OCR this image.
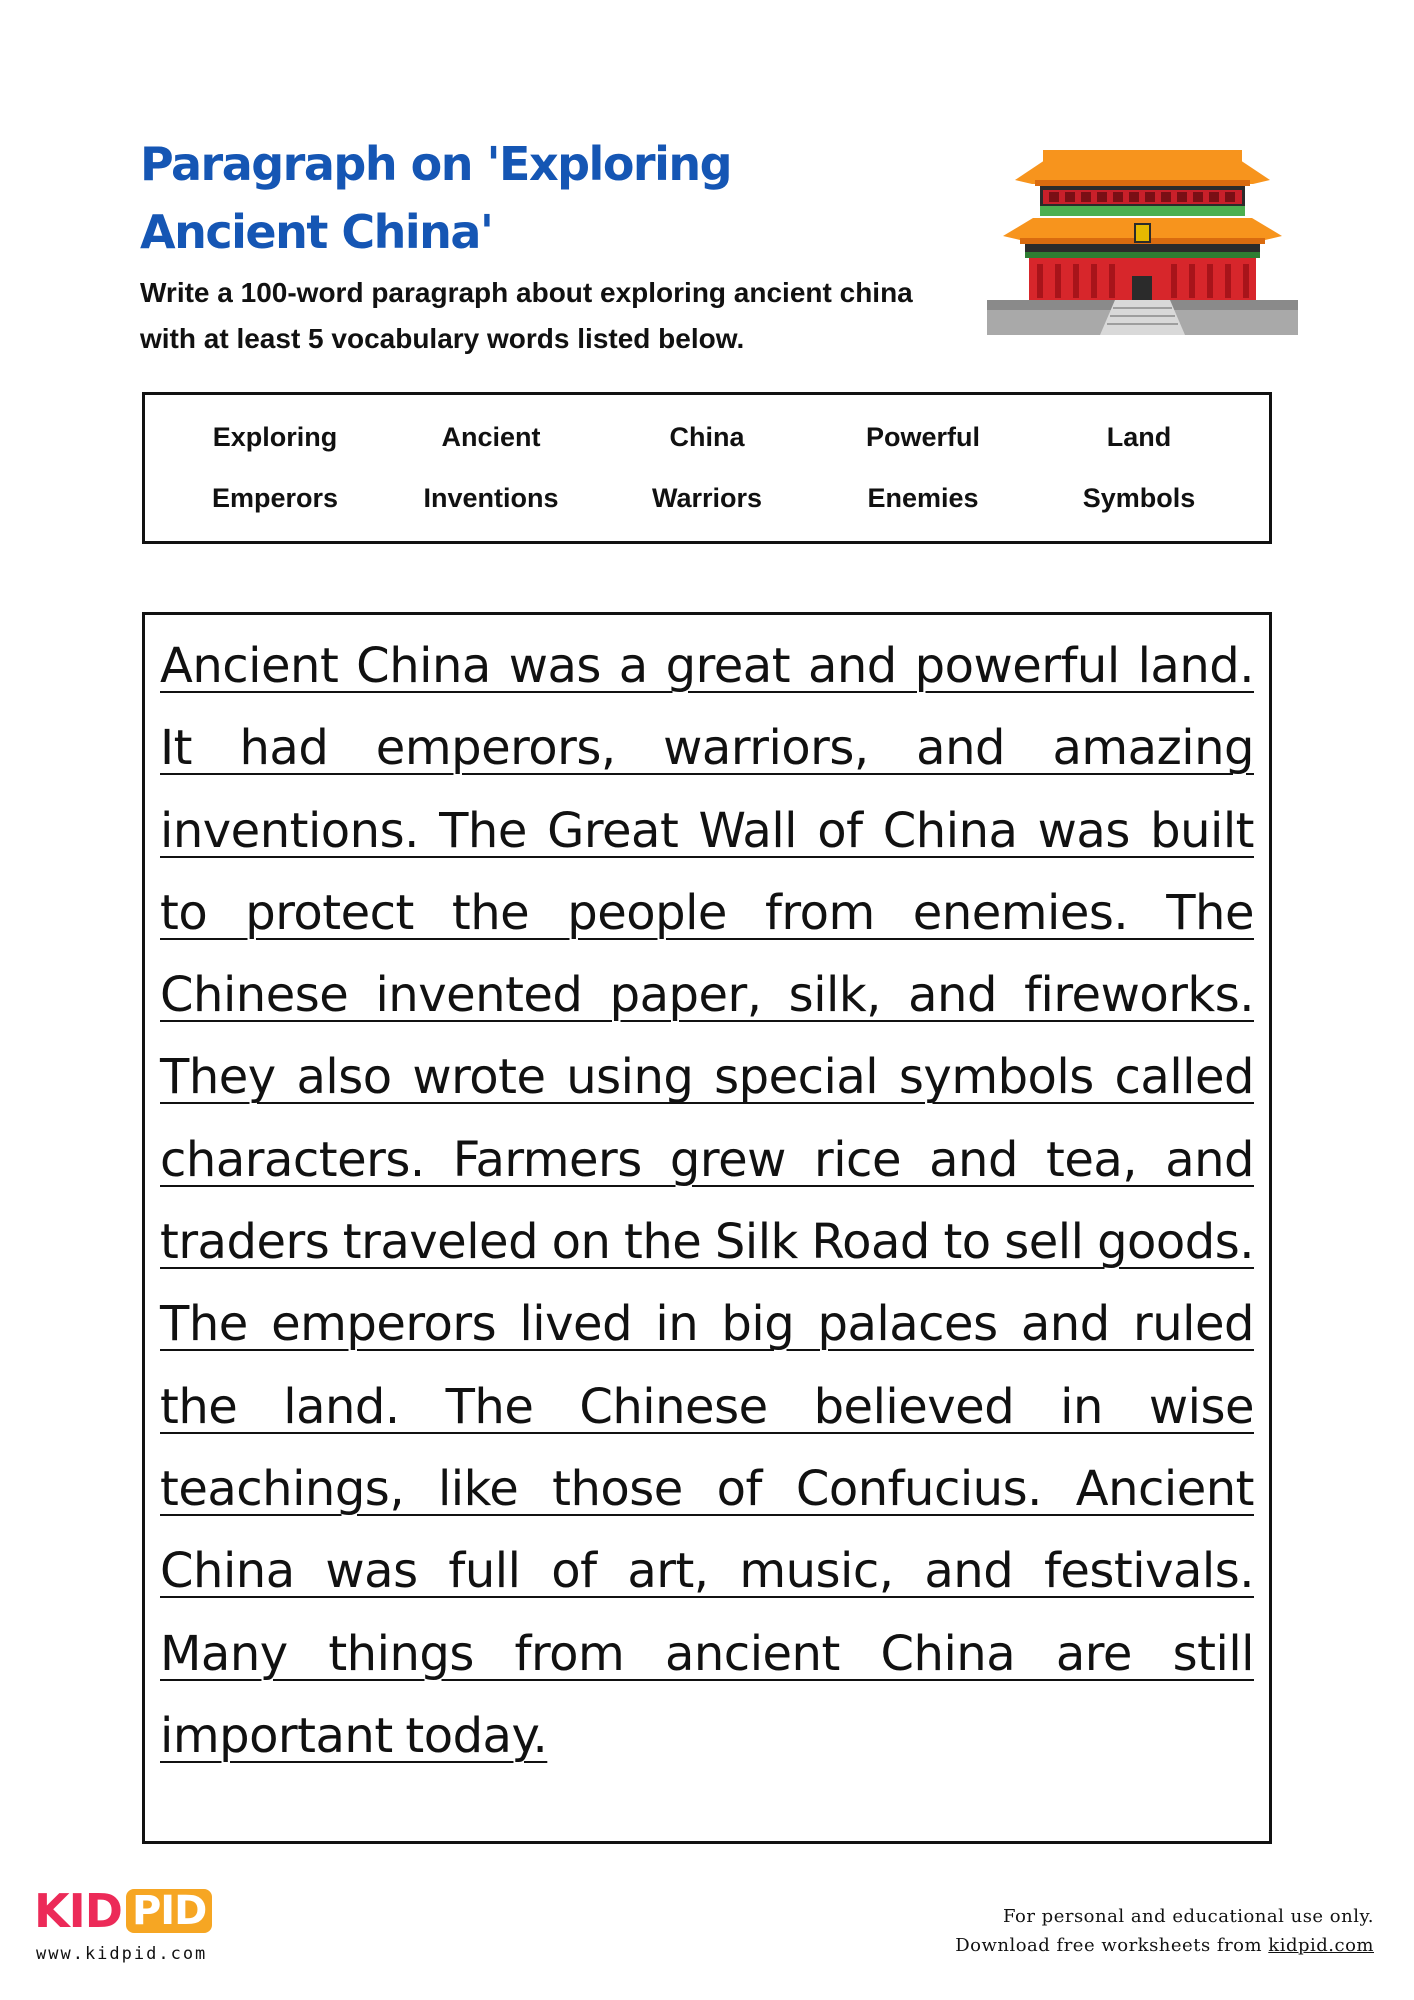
Paragraph on 'Exploring Ancient China'

Write a 100-word paragraph about exploring ancient china with at least 5 vocabulary words listed below.

Exploring	Ancient	China	Powerful	Land
Emperors	Inventions	Warriors	Enemies	Symbols

Ancient China was a great and powerful land. It had emperors, warriors, and amazing inventions. The Great Wall of China was built to protect the people from enemies. The Chinese invented paper, silk, and fireworks. They also wrote using special symbols called characters. Farmers grew rice and tea, and traders traveled on the Silk Road to sell goods. The emperors lived in big palaces and ruled the land. The Chinese believed in wise teachings, like those of Confucius. Ancient China was full of art, music, and festivals. Many things from ancient China are still important today.

KID PID
www.kidpid.com
For personal and educational use only.
Download free worksheets from kidpid.com
